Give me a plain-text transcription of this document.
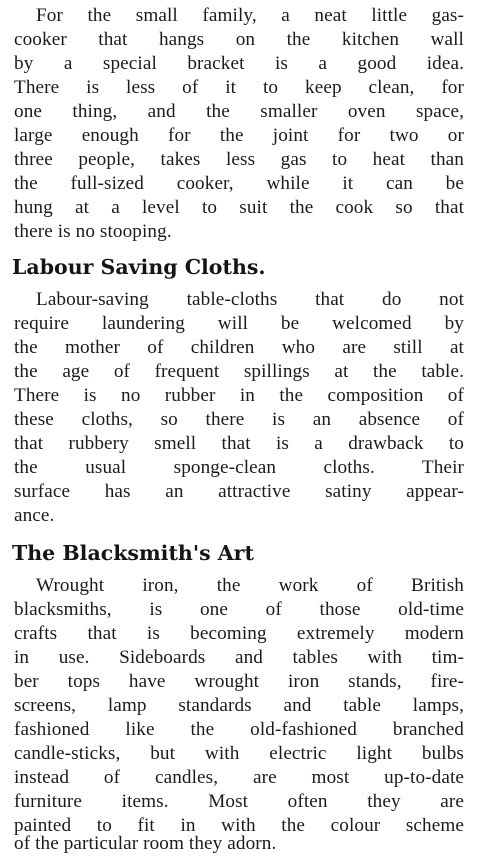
For the small family, a neat little gas-
cooker that hangs on the kitchen wall
by a special bracket is a good idea.
There is less of it to keep clean, for
one thing, and the smaller oven space,
large enough for the joint for two or
three people, takes less gas to heat than
the full-sized cooker, while it can be
hung at a level to suit the cook so that
there is no stooping.
Labour Saving Cloths.
Labour-saving table-cloths that do not
require laundering will be welcomed by
the mother of children who are still at
the age of frequent spillings at the table.
There is no rubber in the composition of
these cloths, so there is an absence of
that rubbery smell that is a drawback to
the usual sponge-clean cloths. Their
surface has an attractive satiny appear-
ance.
The Blacksmith's Art
Wrought iron, the work of British
blacksmiths, is one of those old-time
crafts that is becoming extremely modern
in use. Sideboards and tables with tim-
ber tops have wrought iron stands, fire-
screens, lamp standards and table lamps,
fashioned like the old-fashioned branched
candle-sticks, but with electric light bulbs
instead of candles, are most up-to-date
furniture items. Most often they are
painted to fit in with the colour scheme
of the particular room they adorn.
